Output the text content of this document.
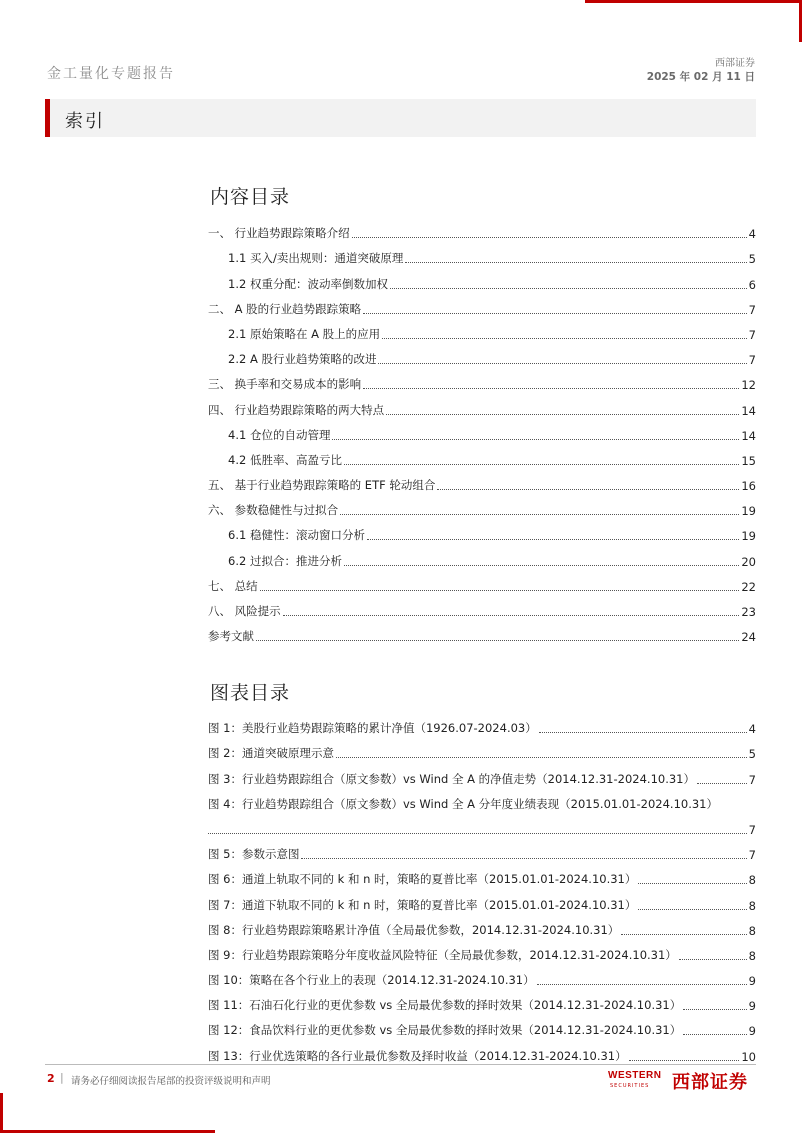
金工量化专题报告
西部证券
2025 年 02 月 11 日
索引
内容目录
一、 行业趋势跟踪策略介绍	4
1.1 买入/卖出规则：通道突破原理	5
1.2 权重分配：波动率倒数加权	6
二、 A 股的行业趋势跟踪策略	7
2.1 原始策略在 A 股上的应用	7
2.2 A 股行业趋势策略的改进	7
三、 换手率和交易成本的影响	12
四、 行业趋势跟踪策略的两大特点	14
4.1 仓位的自动管理	14
4.2 低胜率、高盈亏比	15
五、 基于行业趋势跟踪策略的 ETF 轮动组合	16
六、 参数稳健性与过拟合	19
6.1 稳健性：滚动窗口分析	19
6.2 过拟合：推进分析	20
七、 总结	22
八、 风险提示	23
参考文献	24
图表目录
图 1：美股行业趋势跟踪策略的累计净值（1926.07-2024.03）	4
图 2：通道突破原理示意	5
图 3：行业趋势跟踪组合（原文参数）vs Wind 全 A 的净值走势（2014.12.31-2024.10.31）	7
图 4：行业趋势跟踪组合（原文参数）vs Wind 全 A 分年度业绩表现（2015.01.01-2024.10.31）
7
图 5：参数示意图	7
图 6：通道上轨取不同的 k 和 n 时，策略的夏普比率（2015.01.01-2024.10.31）	8
图 7：通道下轨取不同的 k 和 n 时，策略的夏普比率（2015.01.01-2024.10.31）	8
图 8：行业趋势跟踪策略累计净值（全局最优参数，2014.12.31-2024.10.31）	8
图 9：行业趋势跟踪策略分年度收益风险特征（全局最优参数，2014.12.31-2024.10.31）	8
图 10：策略在各个行业上的表现（2014.12.31-2024.10.31）	9
图 11：石油石化行业的更优参数 vs 全局最优参数的择时效果（2014.12.31-2024.10.31）	9
图 12：食品饮料行业的更优参数 vs 全局最优参数的择时效果（2014.12.31-2024.10.31）	9
图 13：行业优选策略的各行业最优参数及择时收益（2014.12.31-2024.10.31）	10
2 | 请务必仔细阅读报告尾部的投资评级说明和声明
WESTERN
SECURITIES 西部证券
